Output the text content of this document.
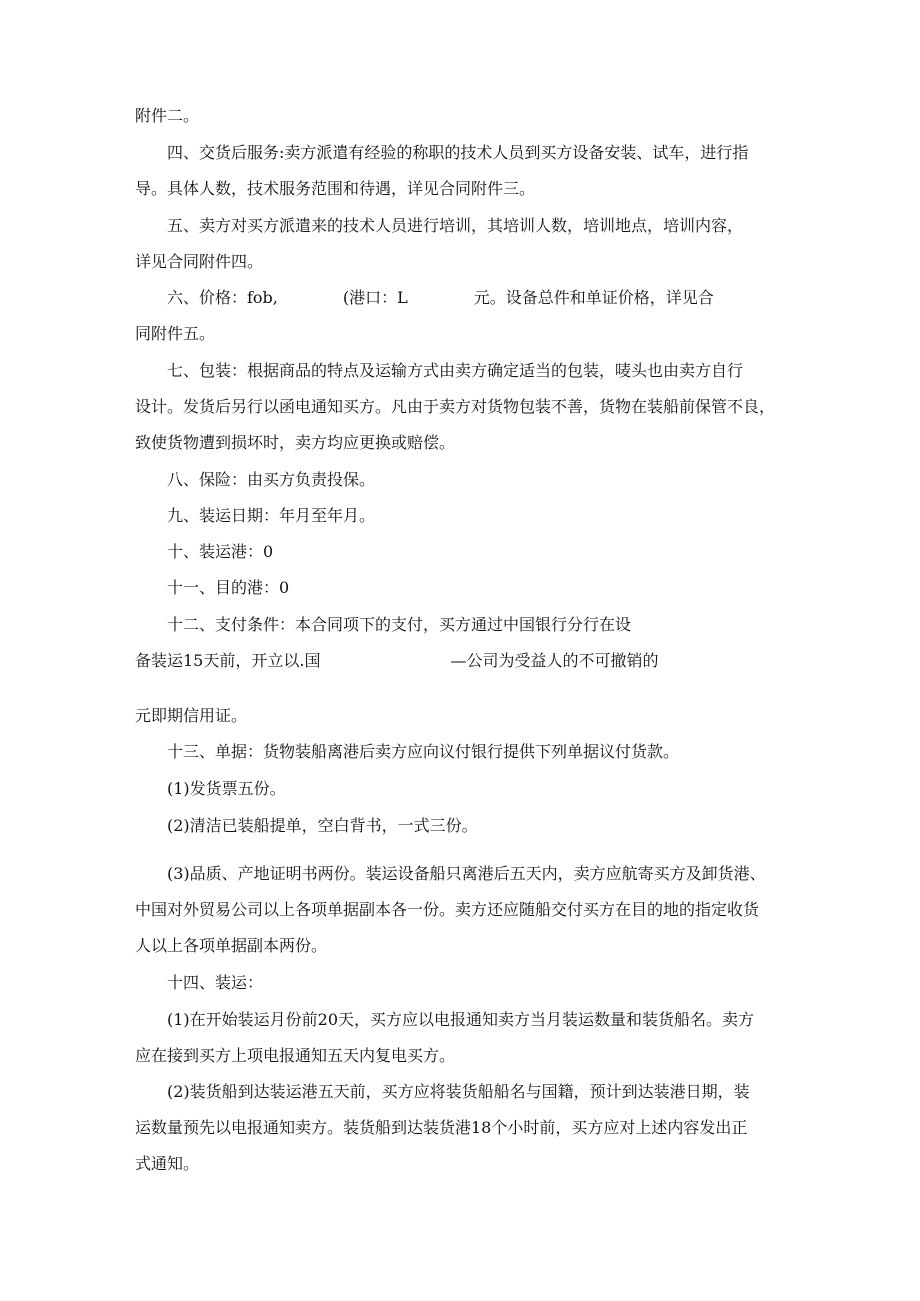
附件二。
四、交货后服务:卖方派遣有经验的称职的技术人员到买方设备安装、试车，进行指
导。具体人数，技术服务范围和待遇，详见合同附件三。
五、卖方对买方派遣来的技术人员进行培训，其培训人数，培训地点，培训内容，
详见合同附件四。
六、价格：fob,	(港口：L	元。设备总件和单证价格，详见合
同附件五。
七、包装：根据商品的特点及运输方式由卖方确定适当的包装，唛头也由卖方自行
设计。发货后另行以函电通知买方。凡由于卖方对货物包装不善，货物在装船前保管不良，
致使货物遭到损坏时，卖方均应更换或赔偿。
八、保险：由买方负责投保。
九、装运日期：年月至年月。
十、装运港：0
十一、目的港：0
十二、支付条件：本合同项下的支付，买方通过中国银行分行在设
备装运15天前，开立以.国	—公司为受益人的不可撤销的
元即期信用证。
十三、单据：货物装船离港后卖方应向议付银行提供下列单据议付货款。
(1)发货票五份。
(2)清洁已装船提单，空白背书，一式三份。
(3)品质、产地证明书两份。装运设备船只离港后五天内，卖方应航寄买方及卸货港、
中国对外贸易公司以上各项单据副本各一份。卖方还应随船交付买方在目的地的指定收货
人以上各项单据副本两份。
十四、装运：
(1)在开始装运月份前20天，买方应以电报通知卖方当月装运数量和装货船名。卖方
应在接到买方上项电报通知五天内复电买方。
(2)装货船到达装运港五天前，买方应将装货船船名与国籍，预计到达装港日期，装
运数量预先以电报通知卖方。装货船到达装货港18个小时前，买方应对上述内容发出正
式通知。
